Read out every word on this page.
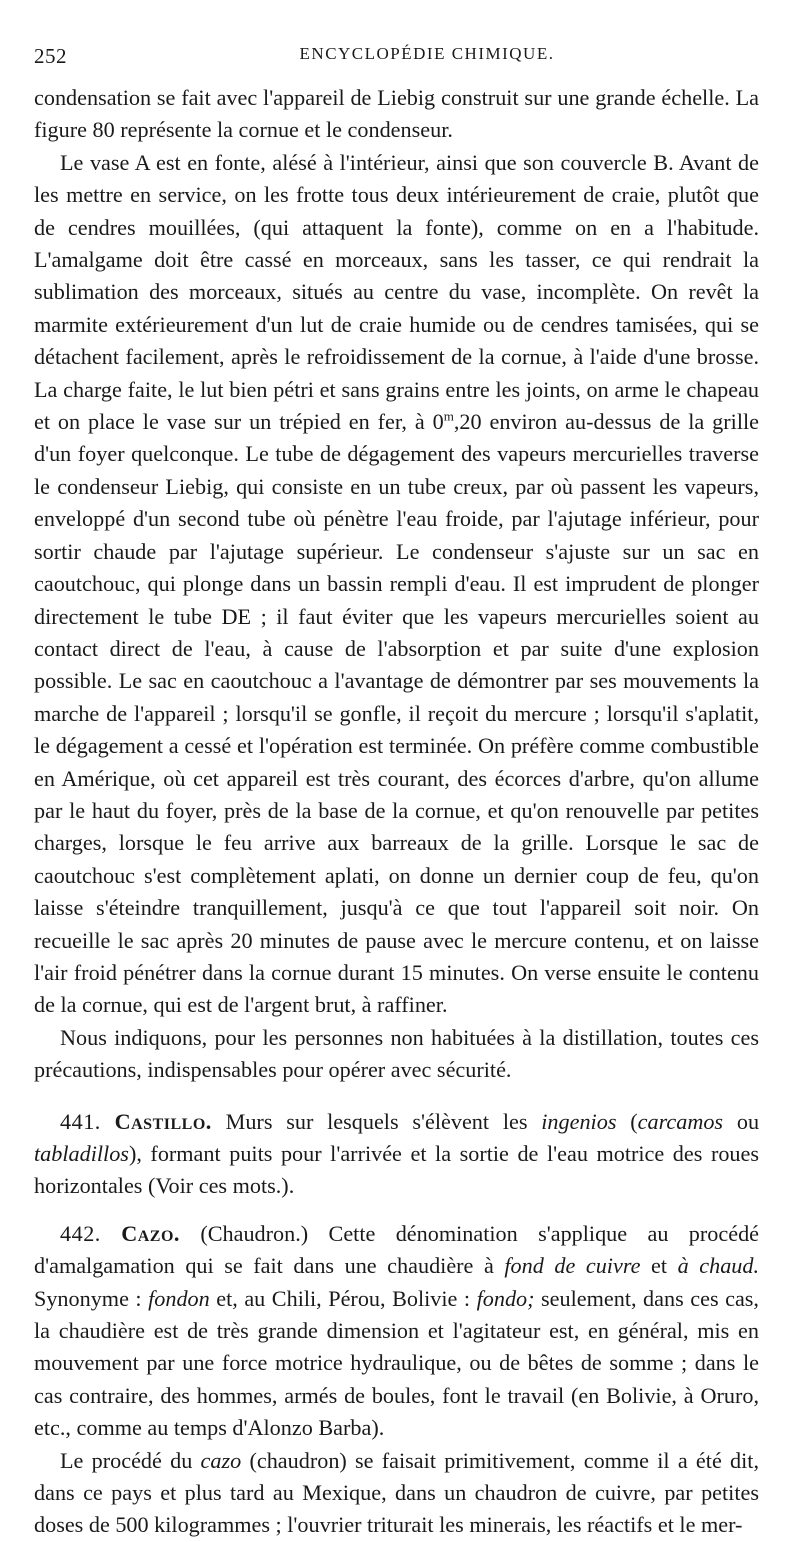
252	ENCYCLOPÉDIE CHIMIQUE.

condensation se fait avec l'appareil de Liebig construit sur une grande échelle. La figure 80 représente la cornue et le condenseur.

Le vase A est en fonte, alésé à l'intérieur, ainsi que son couvercle B. Avant de les mettre en service, on les frotte tous deux intérieurement de craie, plutôt que de cendres mouillées, (qui attaquent la fonte), comme on en a l'habitude. L'amalgame doit être cassé en morceaux, sans les tasser, ce qui rendrait la sublimation des morceaux, situés au centre du vase, incomplète. On revêt la marmite extérieurement d'un lut de craie humide ou de cendres tamisées, qui se détachent facilement, après le refroidissement de la cornue, à l'aide d'une brosse. La charge faite, le lut bien pétri et sans grains entre les joints, on arme le chapeau et on place le vase sur un trépied en fer, à 0$^m$,20 environ au-dessus de la grille d'un foyer quelconque. Le tube de dégagement des vapeurs mercurielles traverse le condenseur Liebig, qui consiste en un tube creux, par où passent les vapeurs, enveloppé d'un second tube où pénètre l'eau froide, par l'ajutage inférieur, pour sortir chaude par l'ajutage supérieur. Le condenseur s'ajuste sur un sac en caoutchouc, qui plonge dans un bassin rempli d'eau. Il est imprudent de plonger directement le tube DE ; il faut éviter que les vapeurs mercurielles soient au contact direct de l'eau, à cause de l'absorption et par suite d'une explosion possible. Le sac en caoutchouc a l'avantage de démontrer par ses mouvements la marche de l'appareil ; lorsqu'il se gonfle, il reçoit du mercure ; lorsqu'il s'aplatit, le dégagement a cessé et l'opération est terminée. On préfère comme combustible en Amérique, où cet appareil est très courant, des écorces d'arbre, qu'on allume par le haut du foyer, près de la base de la cornue, et qu'on renouvelle par petites charges, lorsque le feu arrive aux barreaux de la grille. Lorsque le sac de caoutchouc s'est complètement aplati, on donne un dernier coup de feu, qu'on laisse s'éteindre tranquillement, jusqu'à ce que tout l'appareil soit noir. On recueille le sac après 20 minutes de pause avec le mercure contenu, et on laisse l'air froid pénétrer dans la cornue durant 15 minutes. On verse ensuite le contenu de la cornue, qui est de l'argent brut, à raffiner.

Nous indiquons, pour les personnes non habituées à la distillation, toutes ces précautions, indispensables pour opérer avec sécurité.

441. Castillo. Murs sur lesquels s'élèvent les ingenios (carcamos ou tabladillos), formant puits pour l'arrivée et la sortie de l'eau motrice des roues horizontales (Voir ces mots.).

442. Cazo. (Chaudron.) Cette dénomination s'applique au procédé d'amalgamation qui se fait dans une chaudière à fond de cuivre et à chaud. Synonyme : fondon et, au Chili, Pérou, Bolivie : fondo; seulement, dans ces cas, la chaudière est de très grande dimension et l'agitateur est, en général, mis en mouvement par une force motrice hydraulique, ou de bêtes de somme ; dans le cas contraire, des hommes, armés de boules, font le travail (en Bolivie, à Oruro, etc., comme au temps d'Alonzo Barba).

Le procédé du cazo (chaudron) se faisait primitivement, comme il a été dit, dans ce pays et plus tard au Mexique, dans un chaudron de cuivre, par petites doses de 500 kilogrammes ; l'ouvrier triturait les minerais, les réactifs et le mer-
